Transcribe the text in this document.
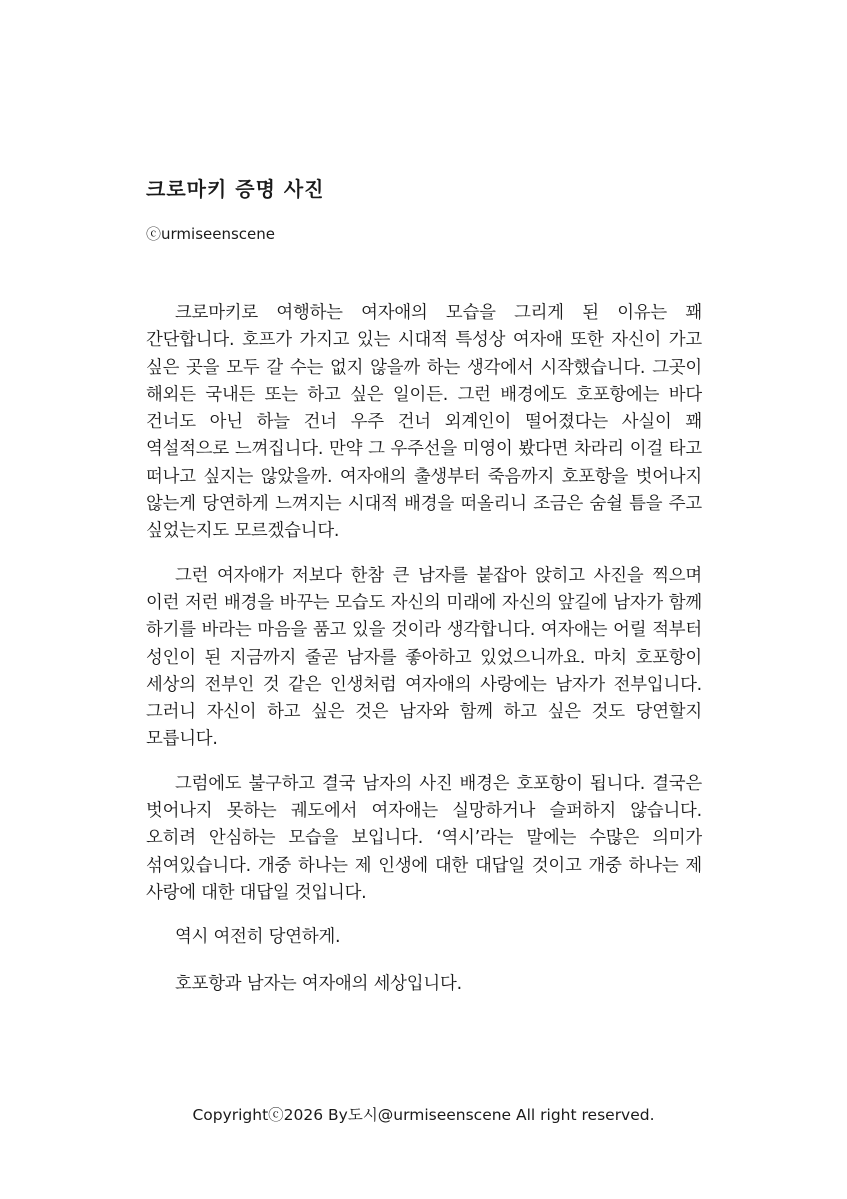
크로마키 증명 사진

ⓒurmiseenscene

크로마키로 여행하는 여자애의 모습을 그리게 된 이유는 꽤 간단합니다. 호프가 가지고 있는 시대적 특성상 여자애 또한 자신이 가고 싶은 곳을 모두 갈 수는 없지 않을까 하는 생각에서 시작했습니다. 그곳이 해외든 국내든 또는 하고 싶은 일이든. 그런 배경에도 호포항에는 바다 건너도 아닌 하늘 건너 우주 건너 외계인이 떨어졌다는 사실이 꽤 역설적으로 느껴집니다. 만약 그 우주선을 미영이 봤다면 차라리 이걸 타고 떠나고 싶지는 않았을까. 여자애의 출생부터 죽음까지 호포항을 벗어나지 않는게 당연하게 느껴지는 시대적 배경을 떠올리니 조금은 숨쉴 틈을 주고 싶었는지도 모르겠습니다.

그런 여자애가 저보다 한참 큰 남자를 붙잡아 앉히고 사진을 찍으며 이런 저런 배경을 바꾸는 모습도 자신의 미래에 자신의 앞길에 남자가 함께 하기를 바라는 마음을 품고 있을 것이라 생각합니다. 여자애는 어릴 적부터 성인이 된 지금까지 줄곧 남자를 좋아하고 있었으니까요. 마치 호포항이 세상의 전부인 것 같은 인생처럼 여자애의 사랑에는 남자가 전부입니다. 그러니 자신이 하고 싶은 것은 남자와 함께 하고 싶은 것도 당연할지 모릅니다.

그럼에도 불구하고 결국 남자의 사진 배경은 호포항이 됩니다. 결국은 벗어나지 못하는 궤도에서 여자애는 실망하거나 슬퍼하지 않습니다. 오히려 안심하는 모습을 보입니다. ‘역시’라는 말에는 수많은 의미가 섞여있습니다. 개중 하나는 제 인생에 대한 대답일 것이고 개중 하나는 제 사랑에 대한 대답일 것입니다.

역시 여전히 당연하게.

호포항과 남자는 여자애의 세상입니다.

Copyrightⓒ2026 By도시@urmiseenscene All right reserved.
